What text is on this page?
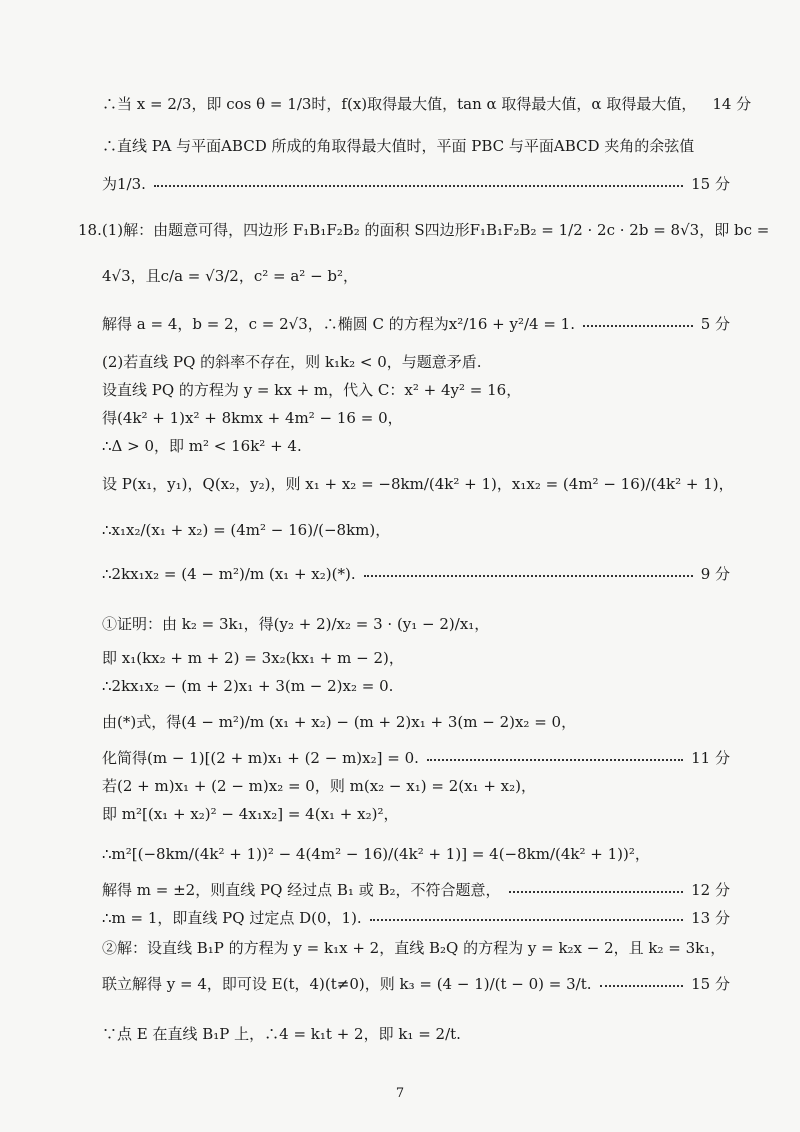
∴当 x = 2/3，即 cos θ = 1/3时，f(x)取得最大值，tan α 取得最大值，α 取得最大值， 14 分
∴直线 PA 与平面ABCD 所成的角取得最大值时，平面 PBC 与平面ABCD 夹角的余弦值
为1/3.	15 分
18.(1)解：由题意可得，四边形 F₁B₁F₂B₂ 的面积 S四边形F₁B₁F₂B₂ = 1/2 · 2c · 2b = 8√3，即 bc =
4√3，且c/a = √3/2，c² = a² − b²，
解得 a = 4，b = 2，c = 2√3，∴椭圆 C 的方程为x²/16 + y²/4 = 1.	5 分
(2)若直线 PQ 的斜率不存在，则 k₁k₂ < 0，与题意矛盾.
设直线 PQ 的方程为 y = kx + m，代入 C：x² + 4y² = 16，
得(4k² + 1)x² + 8kmx + 4m² − 16 = 0，
∴Δ > 0，即 m² < 16k² + 4.
设 P(x₁，y₁)，Q(x₂，y₂)，则 x₁ + x₂ = −8km/(4k² + 1)，x₁x₂ = (4m² − 16)/(4k² + 1)，
∴x₁x₂/(x₁ + x₂) = (4m² − 16)/(−8km)，
∴2kx₁x₂ = (4 − m²)/m (x₁ + x₂)(*).	9 分
①证明：由 k₂ = 3k₁，得(y₂ + 2)/x₂ = 3 · (y₁ − 2)/x₁，
即 x₁(kx₂ + m + 2) = 3x₂(kx₁ + m − 2)，
∴2kx₁x₂ − (m + 2)x₁ + 3(m − 2)x₂ = 0.
由(*)式，得(4 − m²)/m (x₁ + x₂) − (m + 2)x₁ + 3(m − 2)x₂ = 0，
化简得(m − 1)[(2 + m)x₁ + (2 − m)x₂] = 0.	11 分
若(2 + m)x₁ + (2 − m)x₂ = 0，则 m(x₂ − x₁) = 2(x₁ + x₂)，
即 m²[(x₁ + x₂)² − 4x₁x₂] = 4(x₁ + x₂)²，
∴m²[(−8km/(4k² + 1))² − 4(4m² − 16)/(4k² + 1)] = 4(−8km/(4k² + 1))²，
解得 m = ±2，则直线 PQ 经过点 B₁ 或 B₂，不符合题意，	12 分
∴m = 1，即直线 PQ 过定点 D(0，1).	13 分
②解：设直线 B₁P 的方程为 y = k₁x + 2，直线 B₂Q 的方程为 y = k₂x − 2，且 k₂ = 3k₁，
联立解得 y = 4，即可设 E(t，4)(t≠0)，则 k₃ = (4 − 1)/(t − 0) = 3/t.	15 分
∵点 E 在直线 B₁P 上，∴4 = k₁t + 2，即 k₁ = 2/t.
7
